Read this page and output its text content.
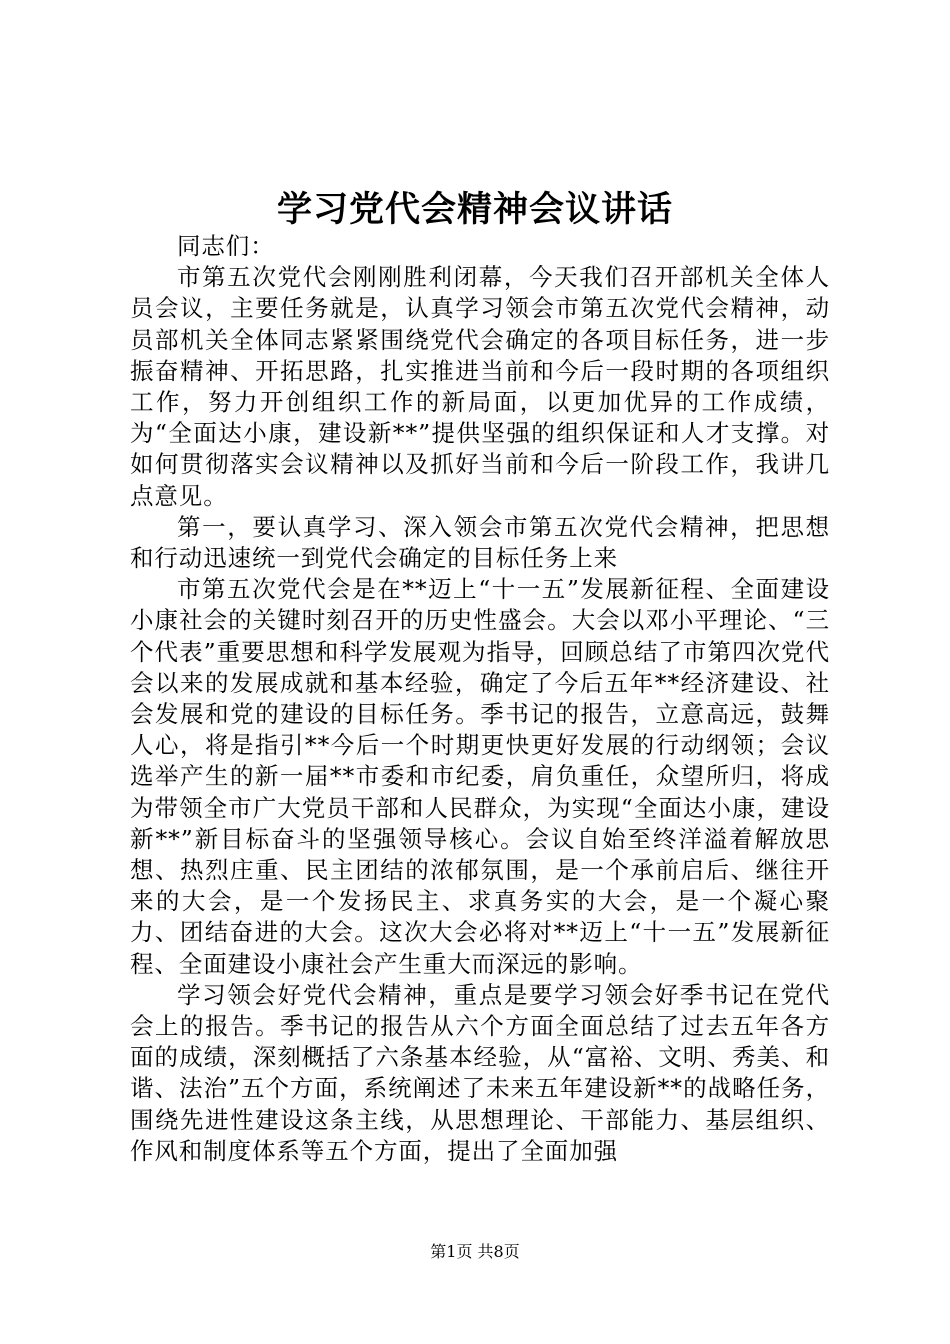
学习党代会精神会议讲话

同志们：

市第五次党代会刚刚胜利闭幕，今天我们召开部机关全体人员会议，主要任务就是，认真学习领会市第五次党代会精神，动员部机关全体同志紧紧围绕党代会确定的各项目标任务，进一步振奋精神、开拓思路，扎实推进当前和今后一段时期的各项组织工作，努力开创组织工作的新局面，以更加优异的工作成绩，为“全面达小康，建设新**”提供坚强的组织保证和人才支撑。对如何贯彻落实会议精神以及抓好当前和今后一阶段工作，我讲几点意见。

第一，要认真学习、深入领会市第五次党代会精神，把思想和行动迅速统一到党代会确定的目标任务上来

市第五次党代会是在**迈上“十一五”发展新征程、全面建设小康社会的关键时刻召开的历史性盛会。大会以邓小平理论、“三个代表”重要思想和科学发展观为指导，回顾总结了市第四次党代会以来的发展成就和基本经验，确定了今后五年**经济建设、社会发展和党的建设的目标任务。季书记的报告，立意高远，鼓舞人心，将是指引**今后一个时期更快更好发展的行动纲领；会议选举产生的新一届**市委和市纪委，肩负重任，众望所归，将成为带领全市广大党员干部和人民群众，为实现“全面达小康，建设新**”新目标奋斗的坚强领导核心。会议自始至终洋溢着解放思想、热烈庄重、民主团结的浓郁氛围，是一个承前启后、继往开来的大会，是一个发扬民主、求真务实的大会，是一个凝心聚力、团结奋进的大会。这次大会必将对**迈上“十一五”发展新征程、全面建设小康社会产生重大而深远的影响。

学习领会好党代会精神，重点是要学习领会好季书记在党代会上的报告。季书记的报告从六个方面全面总结了过去五年各方面的成绩，深刻概括了六条基本经验，从“富裕、文明、秀美、和谐、法治”五个方面，系统阐述了未来五年建设新**的战略任务，围绕先进性建设这条主线，从思想理论、干部能力、基层组织、作风和制度体系等五个方面，提出了全面加强

第1页 共8页
